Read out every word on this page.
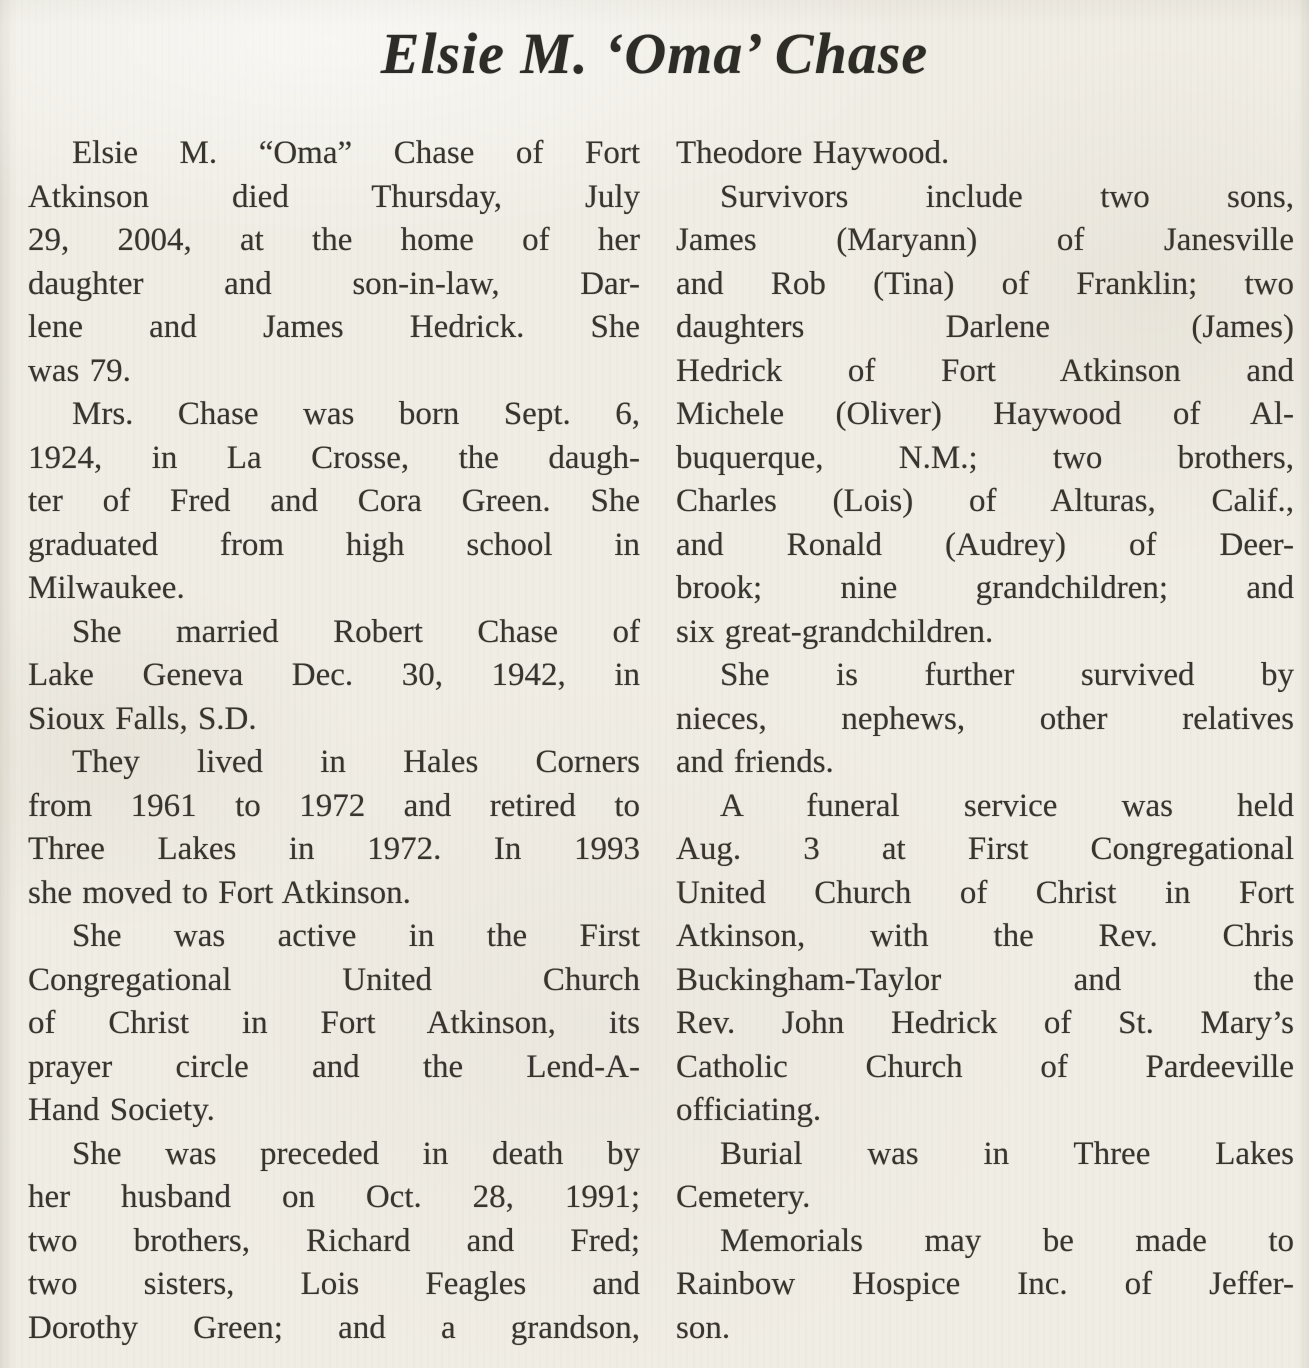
Elsie M. ‘Oma’ Chase
Elsie M. “Oma” Chase of Fort
Atkinson died Thursday, July
29, 2004, at the home of her
daughter and son-in-law, Dar-
lene and James Hedrick. She
was 79.
Mrs. Chase was born Sept. 6,
1924, in La Crosse, the daugh-
ter of Fred and Cora Green. She
graduated from high school in
Milwaukee.
She married Robert Chase of
Lake Geneva Dec. 30, 1942, in
Sioux Falls, S.D.
They lived in Hales Corners
from 1961 to 1972 and retired to
Three Lakes in 1972. In 1993
she moved to Fort Atkinson.
She was active in the First
Congregational United Church
of Christ in Fort Atkinson, its
prayer circle and the Lend-A-
Hand Society.
She was preceded in death by
her husband on Oct. 28, 1991;
two brothers, Richard and Fred;
two sisters, Lois Feagles and
Dorothy Green; and a grandson,
Theodore Haywood.
Survivors include two sons,
James (Maryann) of Janesville
and Rob (Tina) of Franklin; two
daughters Darlene (James)
Hedrick of Fort Atkinson and
Michele (Oliver) Haywood of Al-
buquerque, N.M.; two brothers,
Charles (Lois) of Alturas, Calif.,
and Ronald (Audrey) of Deer-
brook; nine grandchildren; and
six great-grandchildren.
She is further survived by
nieces, nephews, other relatives
and friends.
A funeral service was held
Aug. 3 at First Congregational
United Church of Christ in Fort
Atkinson, with the Rev. Chris
Buckingham-Taylor and the
Rev. John Hedrick of St. Mary’s
Catholic Church of Pardeeville
officiating.
Burial was in Three Lakes
Cemetery.
Memorials may be made to
Rainbow Hospice Inc. of Jeffer-
son.
